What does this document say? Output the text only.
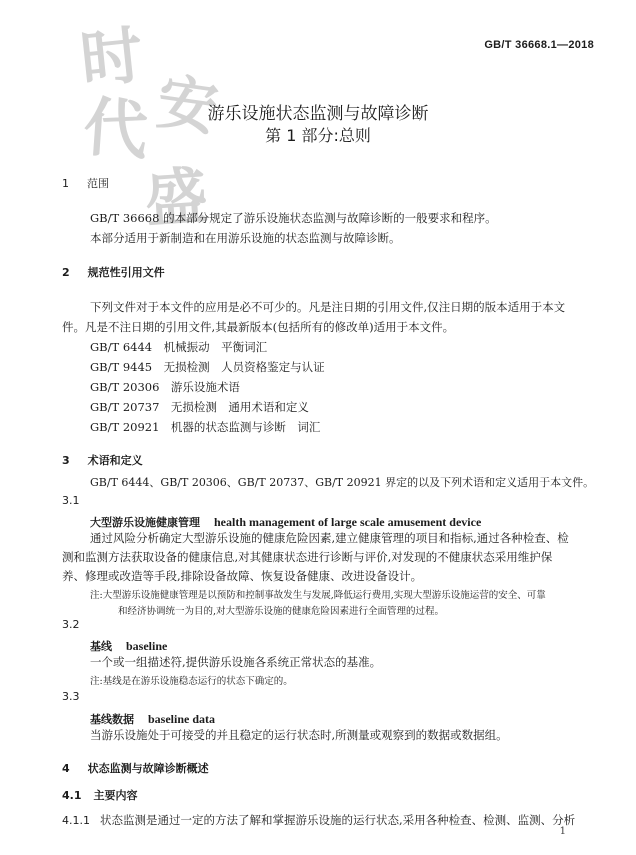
时
代 安
盛
GB/T 36668.1—2018
游乐设施状态监测与故障诊断
第 1 部分:总则
1 范围
GB/T 36668 的本部分规定了游乐设施状态监测与故障诊断的一般要求和程序。
本部分适用于新制造和在用游乐设施的状态监测与故障诊断。
2 规范性引用文件
下列文件对于本文件的应用是必不可少的。凡是注日期的引用文件,仅注日期的版本适用于本文
件。凡是不注日期的引用文件,其最新版本(包括所有的修改单)适用于本文件。
GB/T 6444　机械振动　平衡词汇
GB/T 9445　无损检测　人员资格鉴定与认证
GB/T 20306　游乐设施术语
GB/T 20737　无损检测　通用术语和定义
GB/T 20921　机器的状态监测与诊断　词汇
3 术语和定义
GB/T 6444、GB/T 20306、GB/T 20737、GB/T 20921 界定的以及下列术语和定义适用于本文件。
3.1
大型游乐设施健康管理 health management of large scale amusement device
通过风险分析确定大型游乐设施的健康危险因素,建立健康管理的项目和指标,通过各种检查、检
测和监测方法获取设备的健康信息,对其健康状态进行诊断与评价,对发现的不健康状态采用维护保
养、修理或改造等手段,排除设备故障、恢复设备健康、改进设备设计。
注:大型游乐设施健康管理是以预防和控制事故发生与发展,降低运行费用,实现大型游乐设施运营的安全、可靠
和经济协调统一为目的,对大型游乐设施的健康危险因素进行全面管理的过程。
3.2
基线 baseline
一个或一组描述符,提供游乐设施各系统正常状态的基准。
注:基线是在游乐设施稳态运行的状态下确定的。
3.3
基线数据 baseline data
当游乐设施处于可接受的并且稳定的运行状态时,所测量或观察到的数据或数据组。
4 状态监测与故障诊断概述
4.1 主要内容
4.1.1 状态监测是通过一定的方法了解和掌握游乐设施的运行状态,采用各种检查、检测、监测、分析
1
